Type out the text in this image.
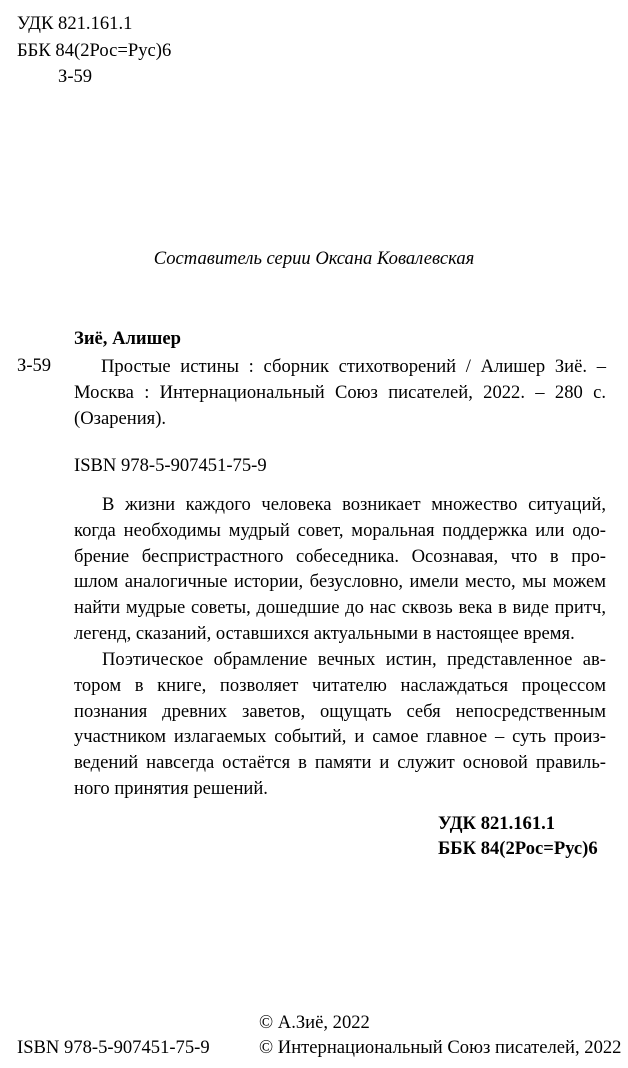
УДК 821.161.1
ББК 84(2Рос=Рус)6
З-59
Составитель серии Оксана Ковалевская
Зиё, Алишер
З-59	Простые истины : сборник стихотворений / Алишер Зиё. –
Москва : Интернациональный Союз писателей, 2022. – 280 с.
(Озарения).
ISBN 978-5-907451-75-9
В жизни каждого человека возникает множество ситуаций,
когда необходимы мудрый совет, моральная поддержка или одо-
брение беспристрастного собеседника. Осознавая, что в про-
шлом аналогичные истории, безусловно, имели место, мы можем
найти мудрые советы, дошедшие до нас сквозь века в виде притч,
легенд, сказаний, оставшихся актуальными в настоящее время.
Поэтическое обрамление вечных истин, представленное ав-
тором в книге, позволяет читателю наслаждаться процессом
познания древних заветов, ощущать себя непосредственным
участником излагаемых событий, и самое главное – суть произ-
ведений навсегда остаётся в памяти и служит основой правиль-
ного принятия решений.
УДК 821.161.1
ББК 84(2Рос=Рус)6
© А.Зиё, 2022
ISBN 978-5-907451-75-9	© Интернациональный Союз писателей, 2022
